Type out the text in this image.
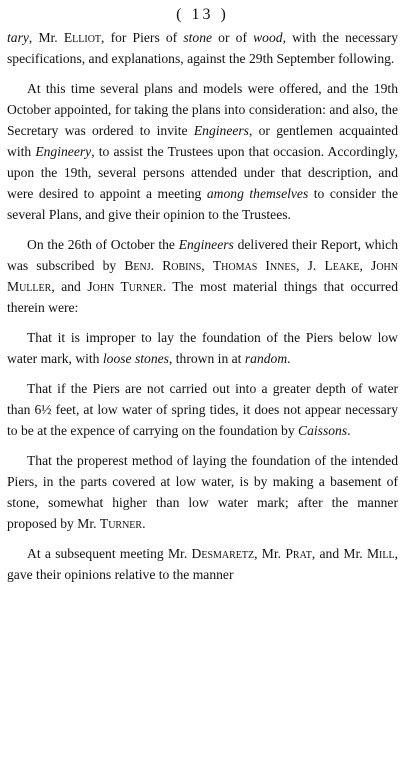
( 13 )

tary, Mr. Elliot, for Piers of stone or of wood, with the necessary specifications, and explanations, against the 29th September following.

At this time several plans and models were offered, and the 19th October appointed, for taking the plans into consideration: and also, the Secretary was ordered to invite Engineers, or gentlemen acquainted with Engineery, to assist the Trustees upon that occasion. Accordingly, upon the 19th, several persons attended under that description, and were desired to appoint a meeting among themselves to consider the several Plans, and give their opinion to the Trustees.

On the 26th of October the Engineers delivered their Report, which was subscribed by Benj. Robins, Thomas Innes, J. Leake, John Muller, and John Turner. The most material things that occurred therein were:

That it is improper to lay the foundation of the Piers below low water mark, with loose stones, thrown in at random.

That if the Piers are not carried out into a greater depth of water than 6½ feet, at low water of spring tides, it does not appear necessary to be at the expence of carrying on the foundation by Caissons.

That the properest method of laying the foundation of the intended Piers, in the parts covered at low water, is by making a basement of stone, somewhat higher than low water mark; after the manner proposed by Mr. Turner.

At a subsequent meeting Mr. Desmaretz, Mr. Prat, and Mr. Mill, gave their opinions relative to the manner
